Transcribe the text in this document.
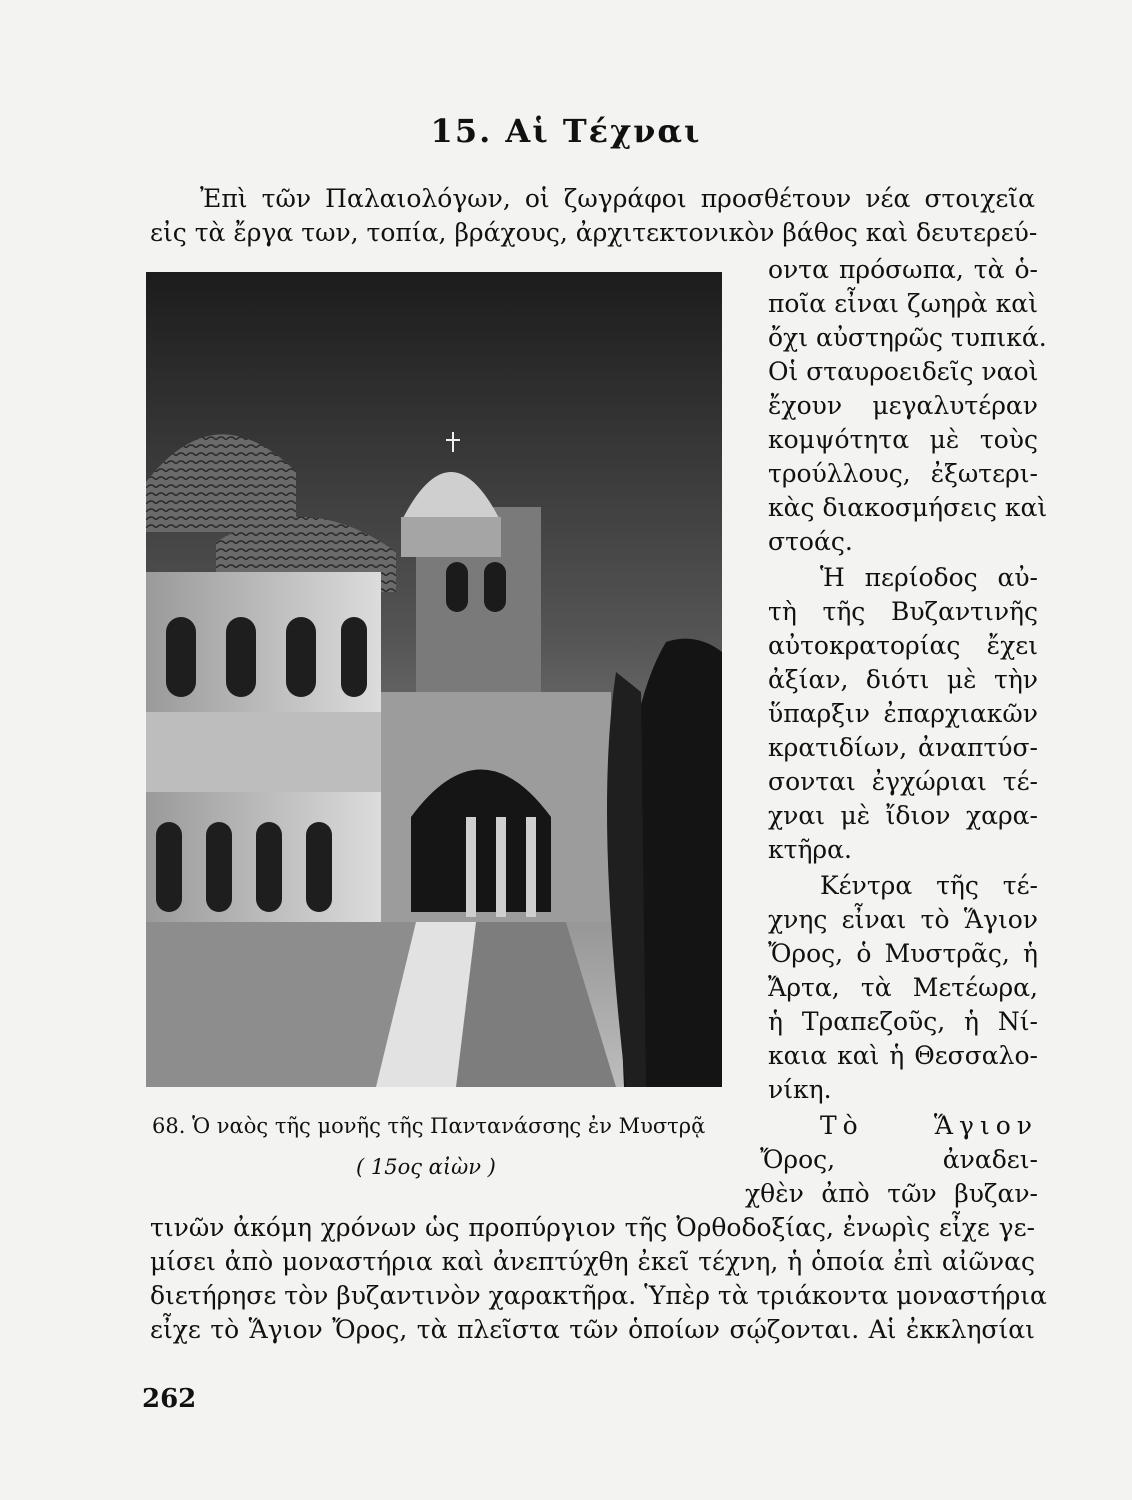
15. Αἱ Τέχναι
Ἐπὶ τῶν Παλαιολόγων, οἱ ζωγράφοι προσθέτουν νέα στοιχεῖα
εἰς τὰ ἔργα των, τοπία, βράχους, ἀρχιτεκτονικὸν βάθος καὶ δευτερεύ-
οντα πρόσωπα, τὰ ὁ-
ποῖα εἶναι ζωηρὰ καὶ
ὄχι αὐστηρῶς τυπικά.
Οἱ σταυροειδεῖς ναοὶ
ἔχουν μεγαλυτέραν
κομψότητα μὲ τοὺς
τρούλλους, ἐξωτερι-
κὰς διακοσμήσεις καὶ
στοάς.
Ἡ περίοδος αὐ-
τὴ τῆς Βυζαντινῆς
αὐτοκρατορίας ἔχει
ἀξίαν, διότι μὲ τὴν
ὕπαρξιν ἐπαρχιακῶν
κρατιδίων, ἀναπτύσ-
σονται ἐγχώριαι τέ-
χναι μὲ ἴδιον χαρα-
κτῆρα.
Κέντρα τῆς τέ-
χνης εἶναι τὸ Ἅγιον
Ὄρος, ὁ Μυστρᾶς, ἡ
Ἄρτα, τὰ Μετέωρα,
ἡ Τραπεζοῦς, ἡ Νί-
καια καὶ ἡ Θεσσαλο-
νίκη.
Τὸ Ἅγιον
Ὄρος, ἀναδει-
χθὲν ἀπὸ τῶν βυζαν-
τινῶν ἀκόμη χρόνων ὡς προπύργιον τῆς Ὀρθοδοξίας, ἐνωρὶς εἶχε γε-
μίσει ἀπὸ μοναστήρια καὶ ἀνεπτύχθη ἐκεῖ τέχνη, ἡ ὁποία ἐπὶ αἰῶνας
διετήρησε τὸν βυζαντινὸν χαρακτῆρα. Ὑπὲρ τὰ τριάκοντα μοναστήρια
εἶχε τὸ Ἅγιον Ὄρος, τὰ πλεῖστα τῶν ὁποίων σῴζονται. Αἱ ἐκκλησίαι
68. Ὁ ναὸς τῆς μονῆς τῆς Παντανάσσης ἐν Μυστρᾷ
( 15ος αἰὼν )
262
